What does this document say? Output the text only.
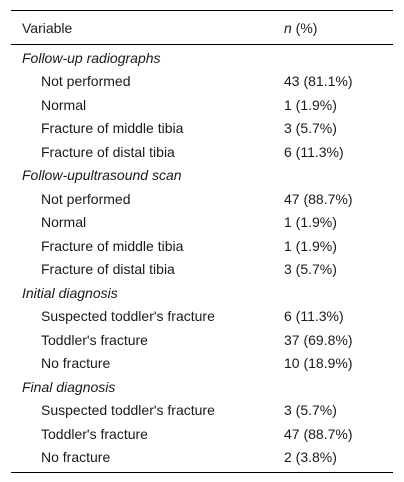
Variable	n (%)
Follow-up radiographs
Not performed	43 (81.1%)
Normal	1 (1.9%)
Fracture of middle tibia	3 (5.7%)
Fracture of distal tibia	6 (11.3%)
Follow-upultrasound scan
Not performed	47 (88.7%)
Normal	1 (1.9%)
Fracture of middle tibia	1 (1.9%)
Fracture of distal tibia	3 (5.7%)
Initial diagnosis
Suspected toddler's fracture	6 (11.3%)
Toddler's fracture	37 (69.8%)
No fracture	10 (18.9%)
Final diagnosis
Suspected toddler's fracture	3 (5.7%)
Toddler's fracture	47 (88.7%)
No fracture	2 (3.8%)
